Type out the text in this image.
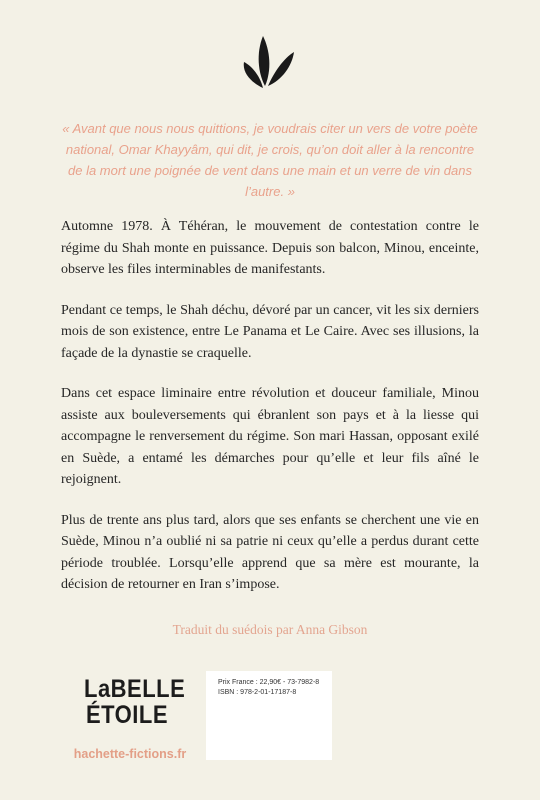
« Avant que nous nous quittions, je voudrais citer un vers de votre poète national, Omar Khayyâm, qui dit, je crois, qu’on doit aller à la rencontre de la mort une poignée de vent dans une main et un verre de vin dans l’autre. »

Automne 1978. À Téhéran, le mouvement de contestation contre le régime du Shah monte en puissance. Depuis son balcon, Minou, enceinte, observe les files interminables de manifestants.

Pendant ce temps, le Shah déchu, dévoré par un cancer, vit les six derniers mois de son existence, entre Le Panama et Le Caire. Avec ses illusions, la façade de la dynastie se craquelle.

Dans cet espace liminaire entre révolution et douceur familiale, Minou assiste aux bouleversements qui ébranlent son pays et à la liesse qui accompagne le renversement du régime. Son mari Hassan, opposant exilé en Suède, a entamé les démarches pour qu’elle et leur fils aîné le rejoignent.

Plus de trente ans plus tard, alors que ses enfants se cherchent une vie en Suède, Minou n’a oublié ni sa patrie ni ceux qu’elle a perdus durant cette période troublée. Lorsqu’elle apprend que sa mère est mourante, la décision de retourner en Iran s’impose.

Traduit du suédois par Anna Gibson

LaBELLE
ÉTOILE

hachette-fictions.fr

Prix France : 22,90€ - 73-7982-8
ISBN : 978-2-01-17187-8
